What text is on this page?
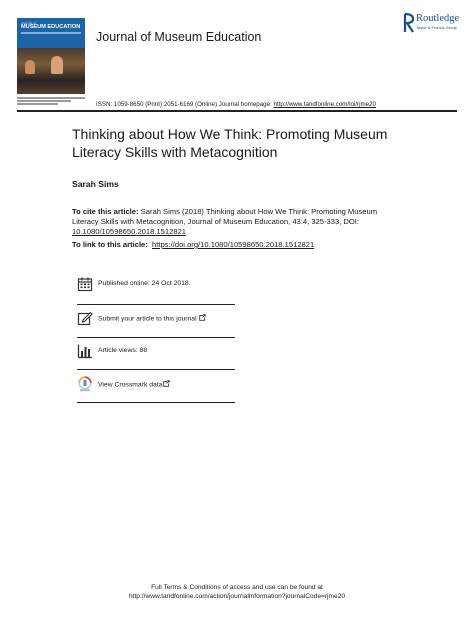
Journal of
MUSEUM EDUCATION
Journal of Museum Education
Routledge
Taylor & Francis Group
ISSN: 1059-8650 (Print) 2051-6169 (Online) Journal homepage: http://www.tandfonline.com/loi/rjme20
Thinking about How We Think: Promoting Museum Literacy Skills with Metacognition
Sarah Sims
To cite this article: Sarah Sims (2018) Thinking about How We Think: Promoting Museum Literacy Skills with Metacognition, Journal of Museum Education, 43:4, 325-333, DOI:
10.1080/10598650.2018.1512821
To link to this article: https://doi.org/10.1080/10598650.2018.1512821
Published online: 24 Oct 2018.
Submit your article to this journal
Article views: 88
View Crossmark data
Full Terms & Conditions of access and use can be found at
http://www.tandfonline.com/action/journalInformation?journalCode=rjme20
